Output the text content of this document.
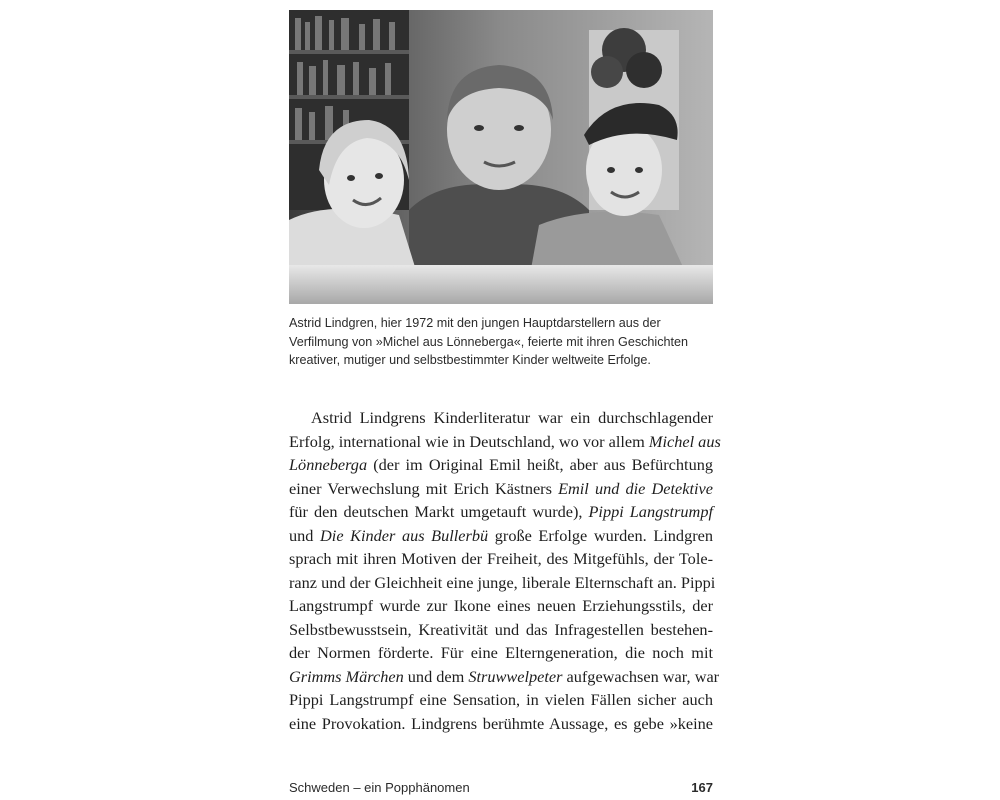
Astrid Lindgren, hier 1972 mit den jungen Hauptdarstellern aus der
Verfilmung von »Michel aus Lönneberga«, feierte mit ihren Geschichten
kreativer, mutiger und selbstbestimmter Kinder weltweite Erfolge.
Astrid Lindgrens Kinderliteratur war ein durchschlagender
Erfolg, international wie in Deutschland, wo vor allem Michel aus
Lönneberga (der im Original Emil heißt, aber aus Befürchtung
einer Verwechslung mit Erich Kästners Emil und die Detektive
für den deutschen Markt umgetauft wurde), Pippi Langstrumpf
und Die Kinder aus Bullerbü große Erfolge wurden. Lindgren
sprach mit ihren Motiven der Freiheit, des Mitgefühls, der Tole-
ranz und der Gleichheit eine junge, liberale Elternschaft an. Pippi
Langstrumpf wurde zur Ikone eines neuen Erziehungsstils, der
Selbstbewusstsein, Kreativität und das Infragestellen bestehen-
der Normen förderte. Für eine Elterngeneration, die noch mit
Grimms Märchen und dem Struwwelpeter aufgewachsen war, war
Pippi Langstrumpf eine Sensation, in vielen Fällen sicher auch
eine Provokation. Lindgrens berühmte Aussage, es gebe »keine
Schweden – ein Popphänomen	167
